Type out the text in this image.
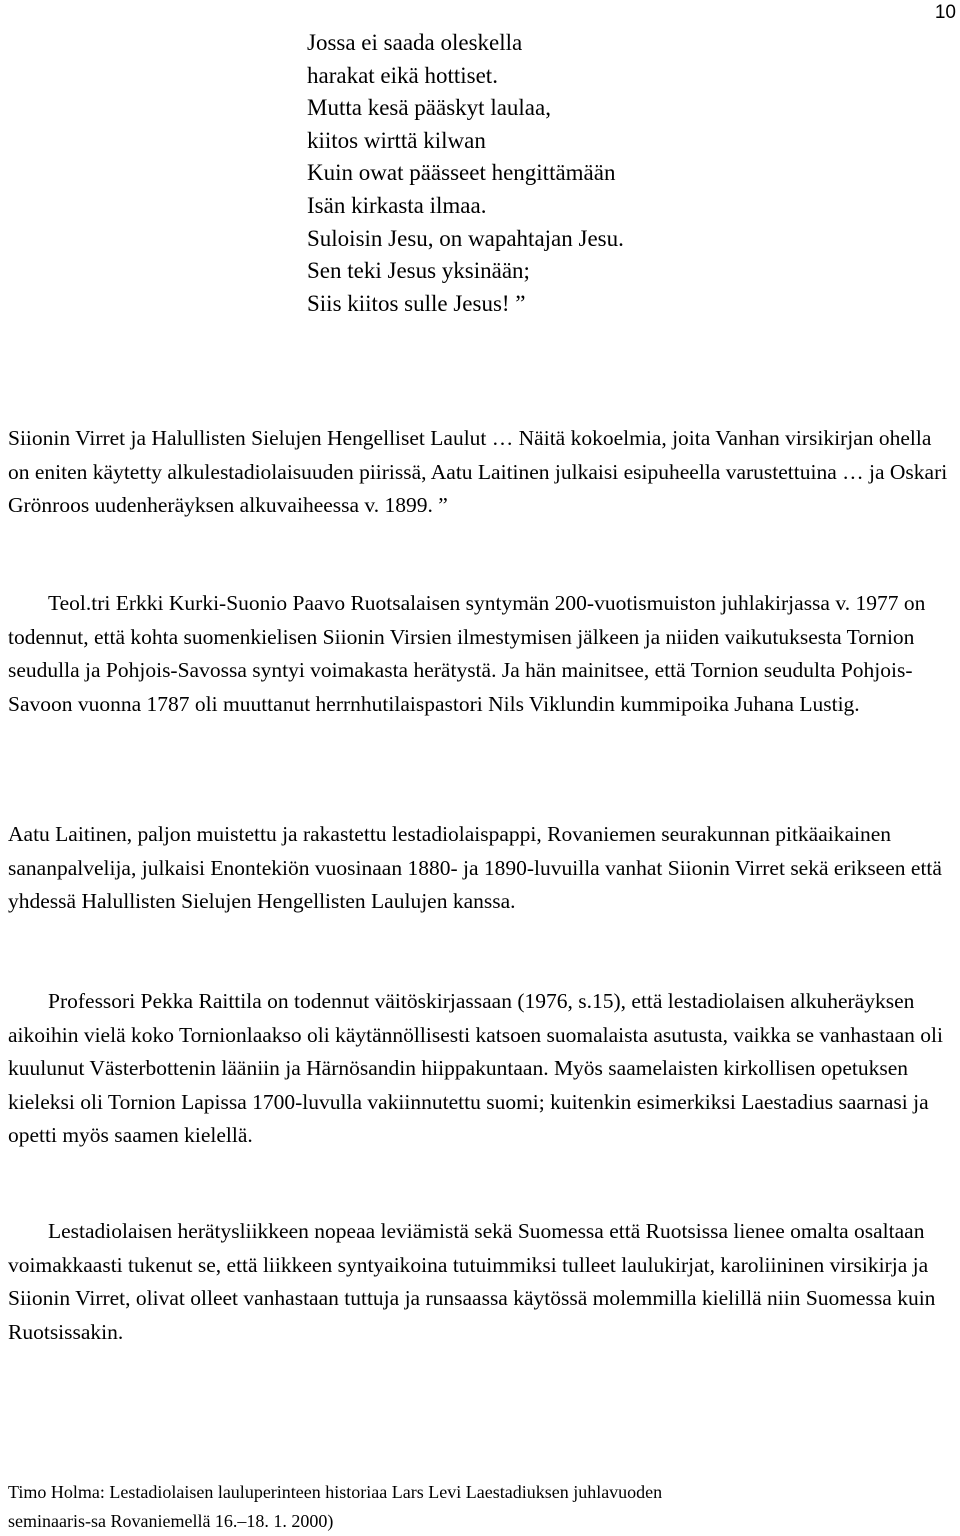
10
Jossa ei saada oleskella
harakat eikä hottiset.
Mutta kesä pääskyt laulaa,
kiitos wirttä kilwan
Kuin owat päässeet hengittämään
Isän kirkasta ilmaa.
Suloisin Jesu, on wapahtajan Jesu.
Sen teki Jesus yksinään;
Siis kiitos sulle Jesus! ”

Siionin Virret ja Halullisten Sielujen Hengelliset Laulut … Näitä kokoelmia, joita Vanhan virsikirjan ohella on eniten käytetty alkulestadiolaisuuden piirissä, Aatu Laitinen julkaisi esipuheella varustettuina … ja Oskari Grönroos uudenheräyksen alkuvaiheessa v. 1899. ”

Teol.tri Erkki Kurki-Suonio Paavo Ruotsalaisen syntymän 200-vuotismuiston juhlakirjassa v. 1977 on todennut, että kohta suomenkielisen Siionin Virsien ilmestymisen jälkeen ja niiden vaikutuksesta Tornion seudulla ja Pohjois-Savossa syntyi voimakasta herätystä. Ja hän mainitsee, että Tornion seudulta Pohjois-Savoon vuonna 1787 oli muuttanut herrnhutilaispastori Nils Viklundin kummipoika Juhana Lustig.

Aatu Laitinen, paljon muistettu ja rakastettu lestadiolaispappi, Rovaniemen seurakunnan pitkäaikainen sananpalvelija, julkaisi Enontekiön vuosinaan 1880- ja 1890-luvuilla vanhat Siionin Virret sekä erikseen että yhdessä Halullisten Sielujen Hengellisten Laulujen kanssa.

Professori Pekka Raittila on todennut väitöskirjassaan (1976, s.15), että lestadiolaisen alkuheräyksen aikoihin vielä koko Tornionlaakso oli käytännöllisesti katsoen suomalaista asutusta, vaikka se vanhastaan oli kuulunut Västerbottenin lääniin ja Härnösandin hiippakuntaan. Myös saamelaisten kirkollisen opetuksen kieleksi oli Tornion Lapissa 1700-luvulla vakiinnutettu suomi; kuitenkin esimerkiksi Laestadius saarnasi ja opetti myös saamen kielellä.

Lestadiolaisen herätysliikkeen nopeaa leviämistä sekä Suomessa että Ruotsissa lienee omalta osaltaan voimakkaasti tukenut se, että liikkeen syntyaikoina tutuimmiksi tulleet laulukirjat, karoliininen virsikirja ja Siionin Virret, olivat olleet vanhastaan tuttuja ja runsaassa käytössä molemmilla kielillä niin Suomessa kuin Ruotsissakin.

Timo Holma: Lestadiolaisen lauluperinteen historiaa Lars Levi Laestadiuksen juhlavuoden
seminaaris-sa Rovaniemellä 16.–18. 1. 2000)
